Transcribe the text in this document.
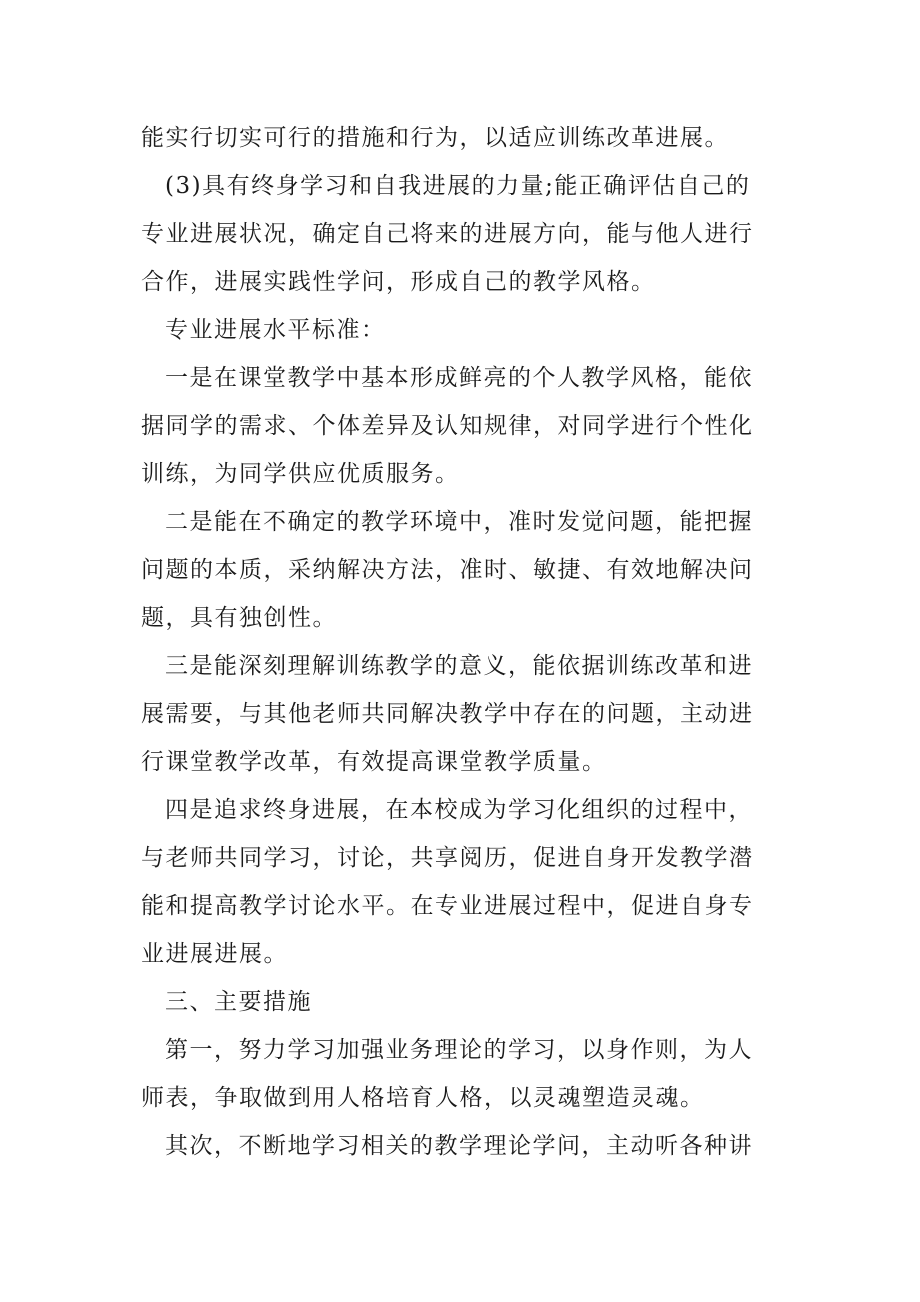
能实行切实可行的措施和行为，以适应训练改革进展。
(3)具有终身学习和自我进展的力量;能正确评估自己的
专业进展状况，确定自己将来的进展方向，能与他人进行
合作，进展实践性学问，形成自己的教学风格。
专业进展水平标准：
一是在课堂教学中基本形成鲜亮的个人教学风格，能依
据同学的需求、个体差异及认知规律，对同学进行个性化
训练，为同学供应优质服务。
二是能在不确定的教学环境中，准时发觉问题，能把握
问题的本质，采纳解决方法，准时、敏捷、有效地解决问
题，具有独创性。
三是能深刻理解训练教学的意义，能依据训练改革和进
展需要，与其他老师共同解决教学中存在的问题，主动进
行课堂教学改革，有效提高课堂教学质量。
四是追求终身进展，在本校成为学习化组织的过程中，
与老师共同学习，讨论，共享阅历，促进自身开发教学潜
能和提高教学讨论水平。在专业进展过程中，促进自身专
业进展进展。
三、主要措施
第一，努力学习加强业务理论的学习，以身作则，为人
师表，争取做到用人格培育人格，以灵魂塑造灵魂。
其次，不断地学习相关的教学理论学问，主动听各种讲
